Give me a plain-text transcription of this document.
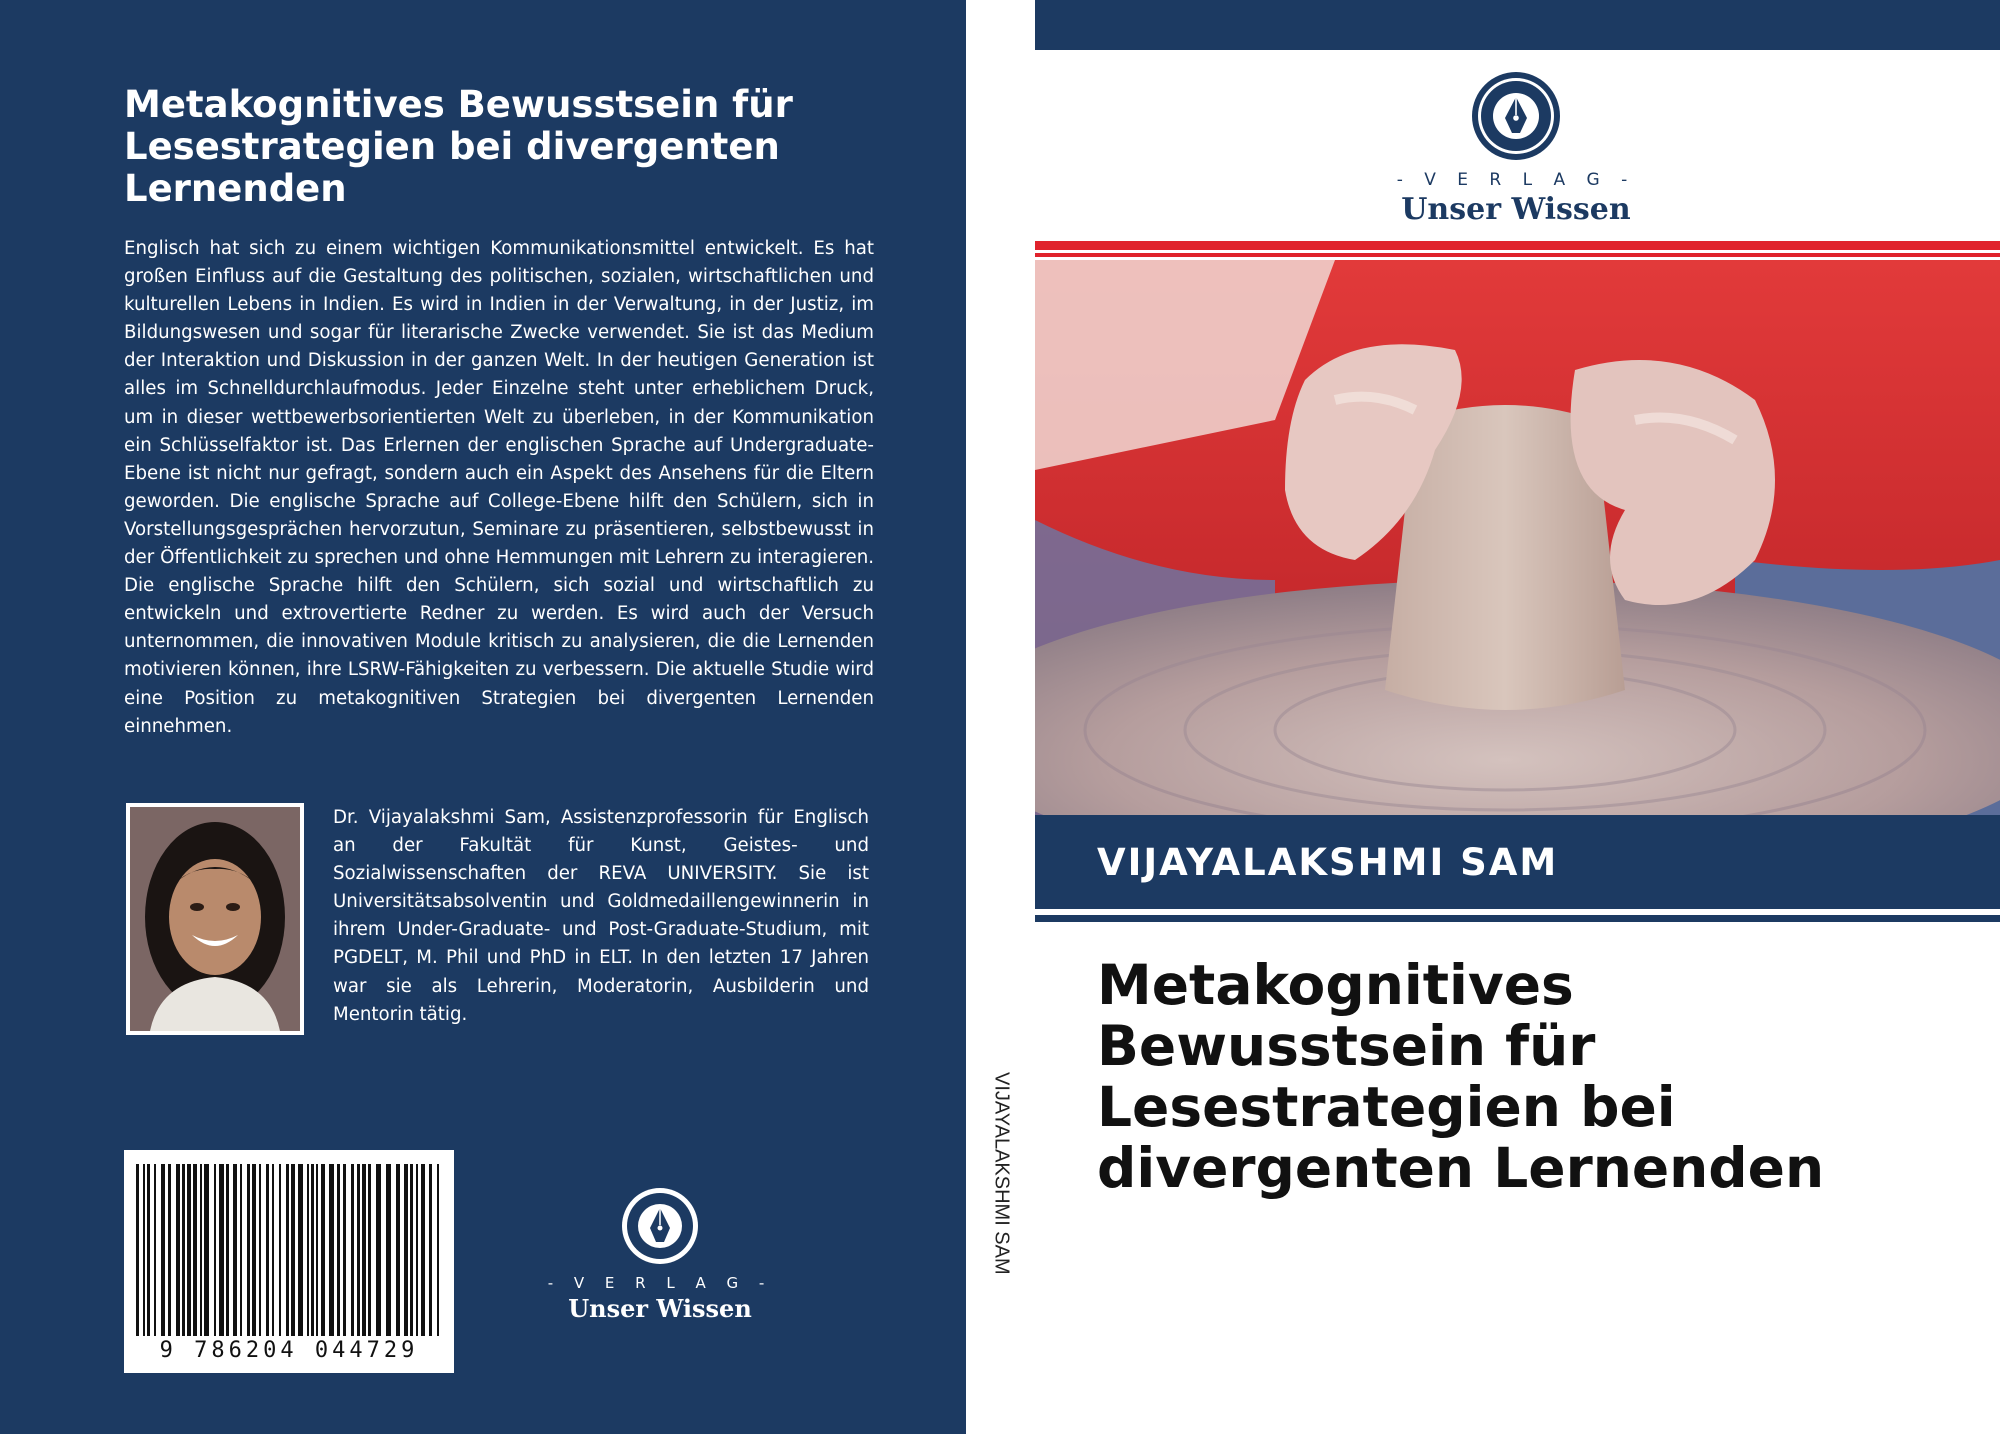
Metakognitives Bewusstsein für Lesestrategien bei divergenten Lernenden

Englisch hat sich zu einem wichtigen Kommunikationsmittel entwickelt. Es hat großen Einfluss auf die Gestaltung des politischen, sozialen, wirtschaftlichen und kulturellen Lebens in Indien. Es wird in Indien in der Verwaltung, in der Justiz, im Bildungswesen und sogar für literarische Zwecke verwendet. Sie ist das Medium der Interaktion und Diskussion in der ganzen Welt. In der heutigen Generation ist alles im Schnelldurchlaufmodus. Jeder Einzelne steht unter erheblichem Druck, um in dieser wettbewerbsorientierten Welt zu überleben, in der Kommunikation ein Schlüsselfaktor ist. Das Erlernen der englischen Sprache auf Undergraduate-Ebene ist nicht nur gefragt, sondern auch ein Aspekt des Ansehens für die Eltern geworden. Die englische Sprache auf College-Ebene hilft den Schülern, sich in Vorstellungsgesprächen hervorzutun, Seminare zu präsentieren, selbstbewusst in der Öffentlichkeit zu sprechen und ohne Hemmungen mit Lehrern zu interagieren. Die englische Sprache hilft den Schülern, sich sozial und wirtschaftlich zu entwickeln und extrovertierte Redner zu werden. Es wird auch der Versuch unternommen, die innovativen Module kritisch zu analysieren, die die Lernenden motivieren können, ihre LSRW-Fähigkeiten zu verbessern. Die aktuelle Studie wird eine Position zu metakognitiven Strategien bei divergenten Lernenden einnehmen.

Dr. Vijayalakshmi Sam, Assistenzprofessorin für Englisch an der Fakultät für Kunst, Geistes- und Sozialwissenschaften der REVA UNIVERSITY. Sie ist Universitätsabsolventin und Goldmedaillengewinnerin in ihrem Under-Graduate- und Post-Graduate-Studium, mit PGDELT, M. Phil und PhD in ELT. In den letzten 17 Jahren war sie als Lehrerin, Moderatorin, Ausbilderin und Mentorin tätig.

9 786204 044729
- V E R L A G -
Unser Wissen
VIJAYALAKSHMI SAM
- V E R L A G -
Unser Wissen
VIJAYALAKSHMI SAM
Metakognitives Bewusstsein für Lesestrategien bei divergenten Lernenden
